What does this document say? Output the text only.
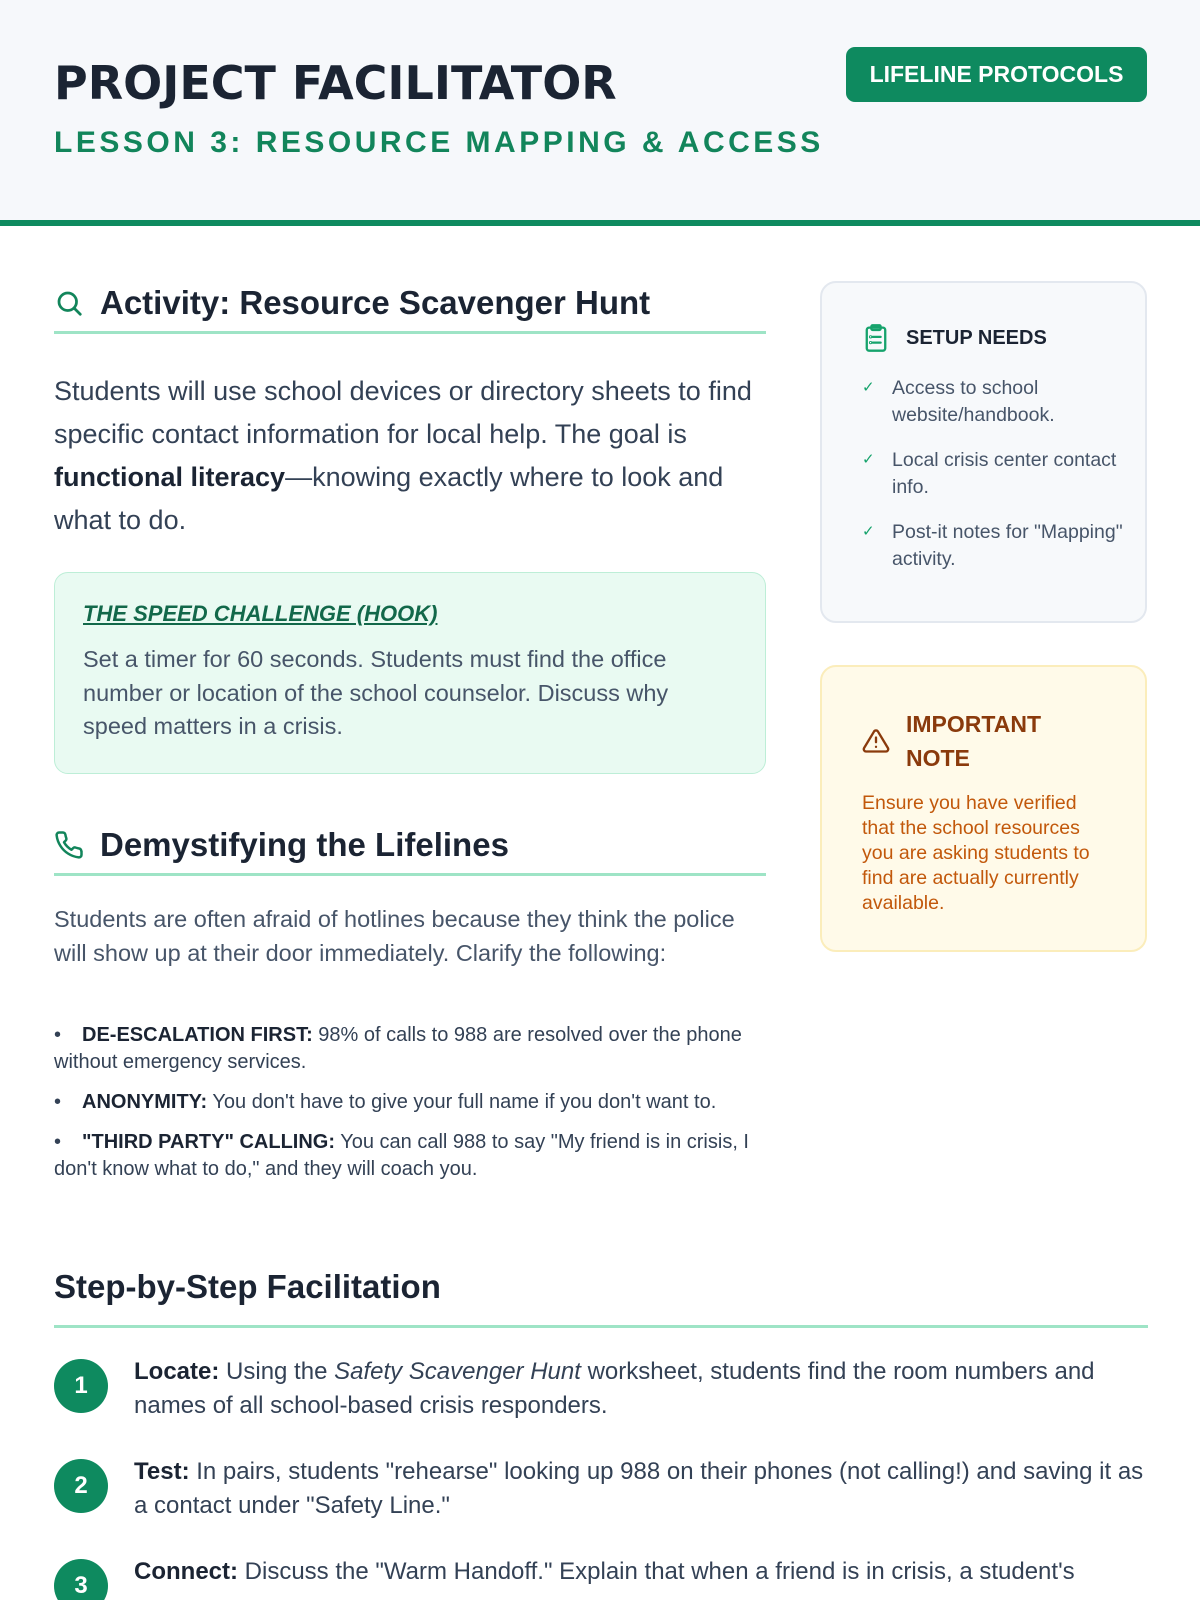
PROJECT FACILITATOR
LESSON 3: RESOURCE MAPPING & ACCESS
LIFELINE PROTOCOLS
Activity: Resource Scavenger Hunt

Students will use school devices or directory sheets to find specific contact information for local help. The goal is functional literacy—knowing exactly where to look and what to do.

THE SPEED CHALLENGE (HOOK)

Set a timer for 60 seconds. Students must find the office number or location of the school counselor. Discuss why speed matters in a crisis.

Demystifying the Lifelines

Students are often afraid of hotlines because they think the police will show up at their door immediately. Clarify the following:

• DE-ESCALATION FIRST: 98% of calls to 988 are resolved over the phone without emergency services.
• ANONYMITY: You don't have to give your full name if you don't want to.
• "THIRD PARTY" CALLING: You can call 988 to say "My friend is in crisis, I don't know what to do," and they will coach you.
Step-by-Step Facilitation
1
Locate: Using the Safety Scavenger Hunt worksheet, students find the room numbers and names of all school-based crisis responders.
2
Test: In pairs, students "rehearse" looking up 988 on their phones (not calling!) and saving it as a contact under "Safety Line."
3
Connect: Discuss the "Warm Handoff." Explain that when a friend is in crisis, a student's
SETUP NEEDS
✓ Access to school website/handbook.
✓ Local crisis center contact info.
✓ Post-it notes for "Mapping" activity.
IMPORTANT NOTE

Ensure you have verified that the school resources you are asking students to find are actually currently available.
